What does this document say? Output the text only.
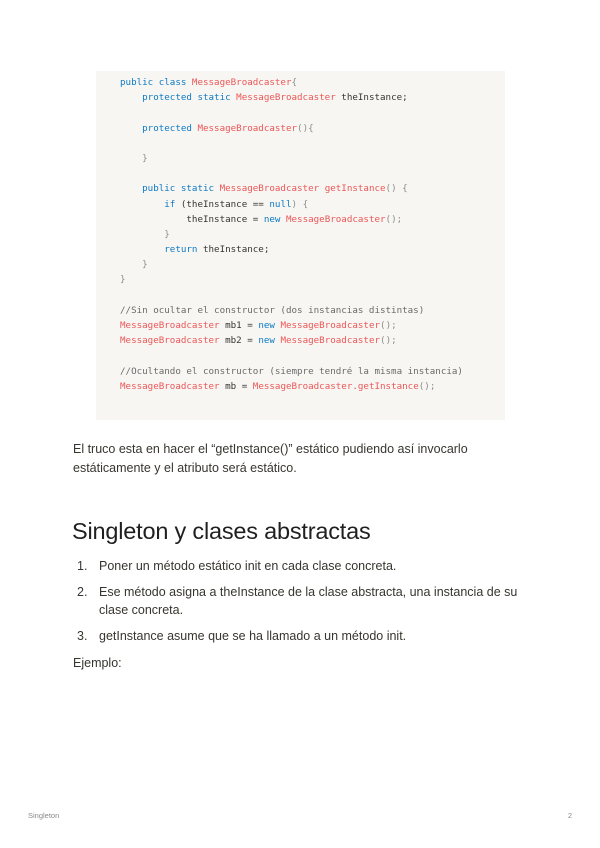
public class MessageBroadcaster{
protected static MessageBroadcaster theInstance;
protected MessageBroadcaster(){
}
public static MessageBroadcaster getInstance() {
if (theInstance == null) {
theInstance = new MessageBroadcaster();
}
return theInstance;
}
}
//Sin ocultar el constructor (dos instancias distintas)
MessageBroadcaster mb1 = new MessageBroadcaster();
MessageBroadcaster mb2 = new MessageBroadcaster();
//Ocultando el constructor (siempre tendré la misma instancia)
MessageBroadcaster mb = MessageBroadcaster.getInstance();

El truco esta en hacer el “getInstance()” estático pudiendo así invocarlo estáticamente y el atributo será estático.

Singleton y clases abstractas
1. Poner un método estático init en cada clase concreta.
2. Ese método asigna a theInstance de la clase abstracta, una instancia de su clase concreta.
3. getInstance asume que se ha llamado a un método init.

Ejemplo:

Singleton	2
